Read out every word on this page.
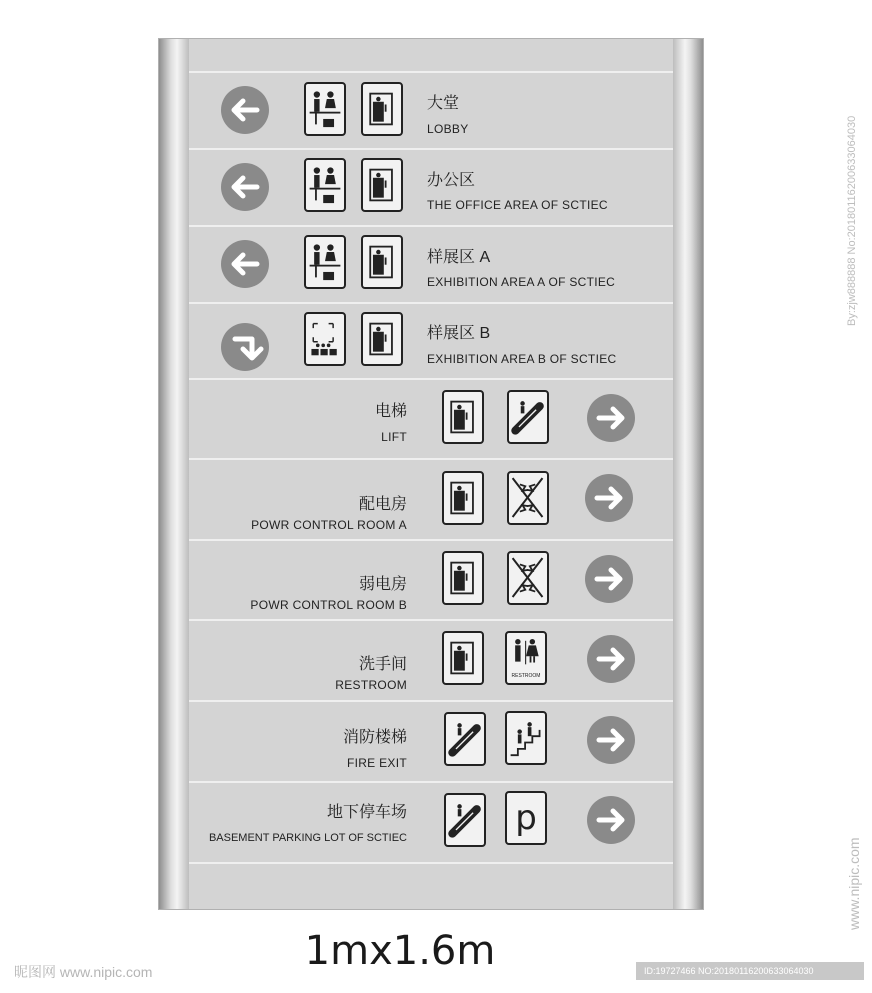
大堂
LOBBY
办公区
THE OFFICE AREA OF SCTIEC
样展区 A
EXHIBITION AREA A OF SCTIEC
样展区 B
EXHIBITION AREA B OF SCTIEC
电梯
LIFT
配电房
POWR CONTROL ROOM A
弱电房
POWR CONTROL ROOM B
洗手间
RESTROOM
RESTROOM
消防楼梯
FIRE EXIT
地下停车场
BASEMENT PARKING LOT OF SCTIEC	p
1mx1.6m
昵图网 www.nipic.com	ID:19727466 NO:20180116200633064030
By:zjw888888 No:20180116200633064030
www.nipic.com
